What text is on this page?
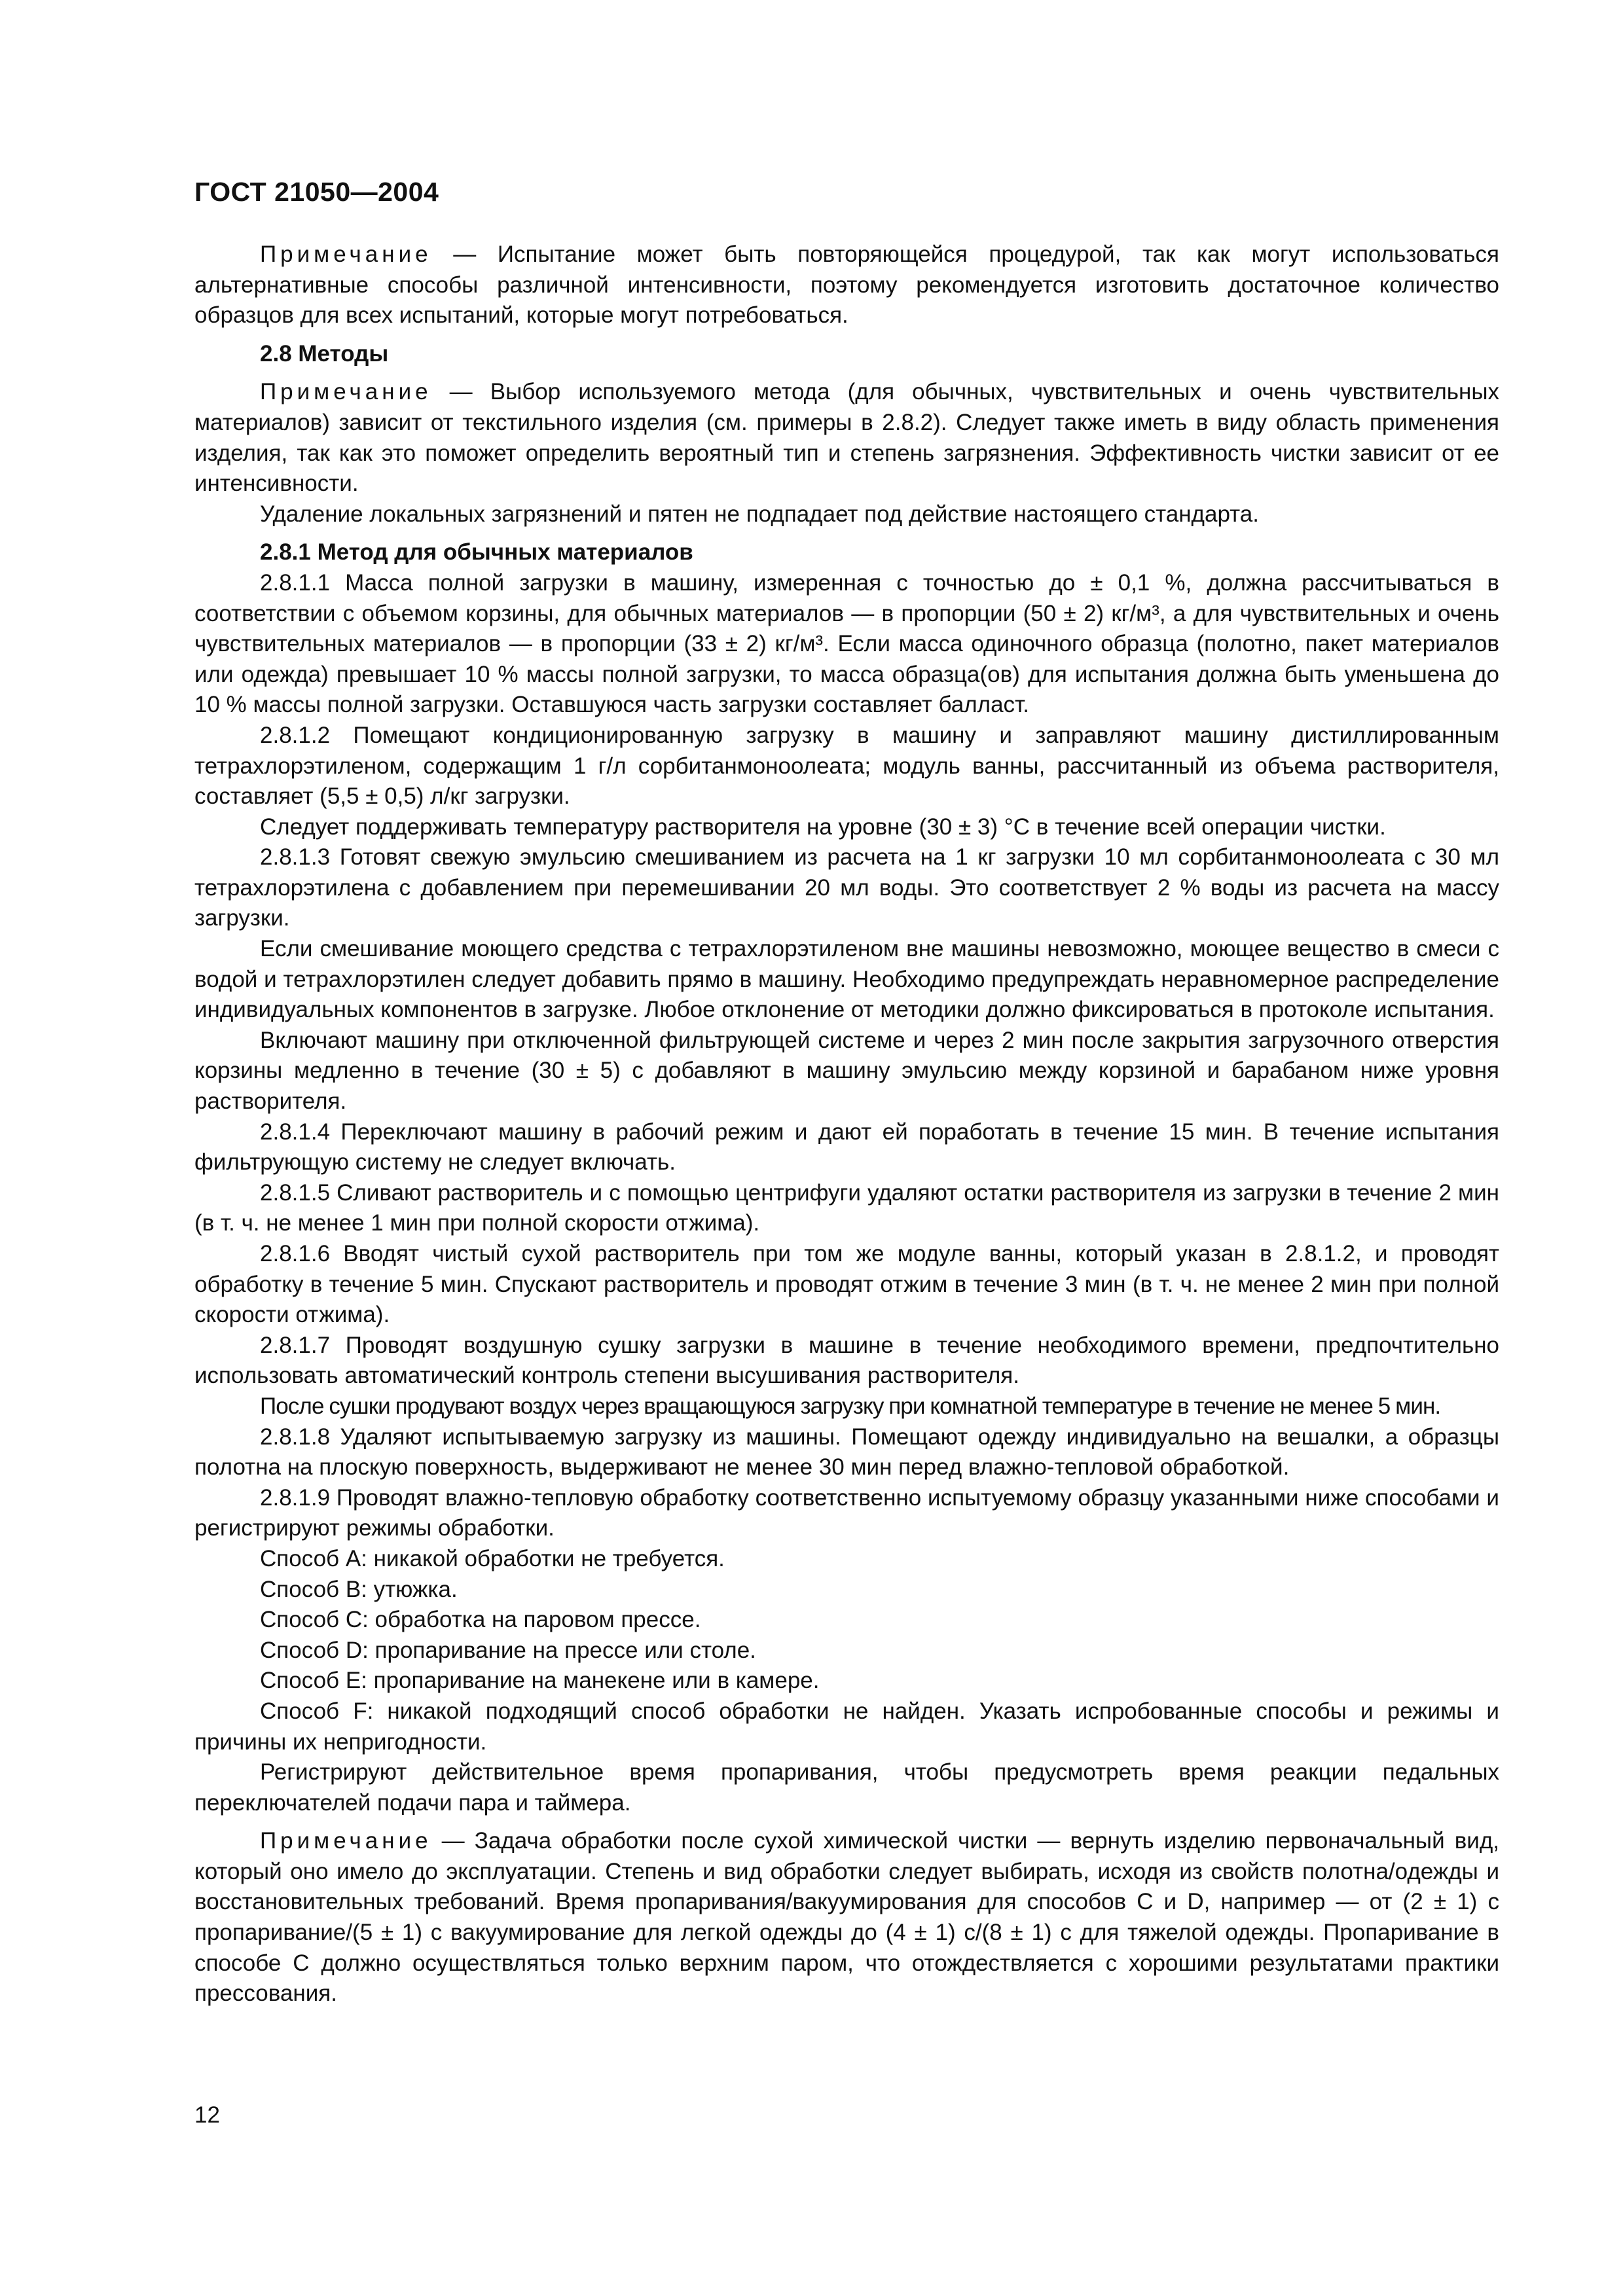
ГОСТ 21050—2004

Примечание — Испытание может быть повторяющейся процедурой, так как могут использоваться альтернативные способы различной интенсивности, поэтому рекомендуется изготовить достаточное количество образцов для всех испытаний, которые могут потребоваться.

2.8 Методы

Примечание — Выбор используемого метода (для обычных, чувствительных и очень чувствительных материалов) зависит от текстильного изделия (см. примеры в 2.8.2). Следует также иметь в виду область применения изделия, так как это поможет определить вероятный тип и степень загрязнения. Эффективность чистки зависит от ее интенсивности.

Удаление локальных загрязнений и пятен не подпадает под действие настоящего стандарта.

2.8.1 Метод для обычных материалов

2.8.1.1 Масса полной загрузки в машину, измеренная с точностью до ± 0,1 %, должна рассчитываться в соответствии с объемом корзины, для обычных материалов — в пропорции (50 ± 2) кг/м³, а для чувствительных и очень чувствительных материалов — в пропорции (33 ± 2) кг/м³. Если масса одиночного образца (полотно, пакет материалов или одежда) превышает 10 % массы полной загрузки, то масса образца(ов) для испытания должна быть уменьшена до 10 % массы полной загрузки. Оставшуюся часть загрузки составляет балласт.

2.8.1.2 Помещают кондиционированную загрузку в машину и заправляют машину дистиллированным тетрахлорэтиленом, содержащим 1 г/л сорбитанмоноолеата; модуль ванны, рассчитанный из объема растворителя, составляет (5,5 ± 0,5) л/кг загрузки.

Следует поддерживать температуру растворителя на уровне (30 ± 3) °С в течение всей операции чистки.

2.8.1.3 Готовят свежую эмульсию смешиванием из расчета на 1 кг загрузки 10 мл сорбитанмоноолеата с 30 мл тетрахлорэтилена с добавлением при перемешивании 20 мл воды. Это соответствует 2 % воды из расчета на массу загрузки.

Если смешивание моющего средства с тетрахлорэтиленом вне машины невозможно, моющее вещество в смеси с водой и тетрахлорэтилен следует добавить прямо в машину. Необходимо предупреждать неравномерное распределение индивидуальных компонентов в загрузке. Любое отклонение от методики должно фиксироваться в протоколе испытания.

Включают машину при отключенной фильтрующей системе и через 2 мин после закрытия загрузочного отверстия корзины медленно в течение (30 ± 5) с добавляют в машину эмульсию между корзиной и барабаном ниже уровня растворителя.

2.8.1.4 Переключают машину в рабочий режим и дают ей поработать в течение 15 мин. В течение испытания фильтрующую систему не следует включать.

2.8.1.5 Сливают растворитель и с помощью центрифуги удаляют остатки растворителя из загрузки в течение 2 мин (в т. ч. не менее 1 мин при полной скорости отжима).

2.8.1.6 Вводят чистый сухой растворитель при том же модуле ванны, который указан в 2.8.1.2, и проводят обработку в течение 5 мин. Спускают растворитель и проводят отжим в течение 3 мин (в т. ч. не менее 2 мин при полной скорости отжима).

2.8.1.7 Проводят воздушную сушку загрузки в машине в течение необходимого времени, предпочтительно использовать автоматический контроль степени высушивания растворителя.

После сушки продувают воздух через вращающуюся загрузку при комнатной температуре в течение не менее 5 мин.

2.8.1.8 Удаляют испытываемую загрузку из машины. Помещают одежду индивидуально на вешалки, а образцы полотна на плоскую поверхность, выдерживают не менее 30 мин перед влажно-тепловой обработкой.

2.8.1.9 Проводят влажно-тепловую обработку соответственно испытуемому образцу указанными ниже способами и регистрируют режимы обработки.

Способ A: никакой обработки не требуется.

Способ B: утюжка.

Способ C: обработка на паровом прессе.

Способ D: пропаривание на прессе или столе.

Способ E: пропаривание на манекене или в камере.

Способ F: никакой подходящий способ обработки не найден. Указать испробованные способы и режимы и причины их непригодности.

Регистрируют действительное время пропаривания, чтобы предусмотреть время реакции педальных переключателей подачи пара и таймера.

Примечание — Задача обработки после сухой химической чистки — вернуть изделию первоначальный вид, который оно имело до эксплуатации. Степень и вид обработки следует выбирать, исходя из свойств полотна/одежды и восстановительных требований. Время пропаривания/вакуумирования для способов C и D, например — от (2 ± 1) с пропаривание/(5 ± 1) с вакуумирование для легкой одежды до (4 ± 1) с/(8 ± 1) с для тяжелой одежды. Пропаривание в способе C должно осуществляться только верхним паром, что отождествляется с хорошими результатами практики прессования.

12
